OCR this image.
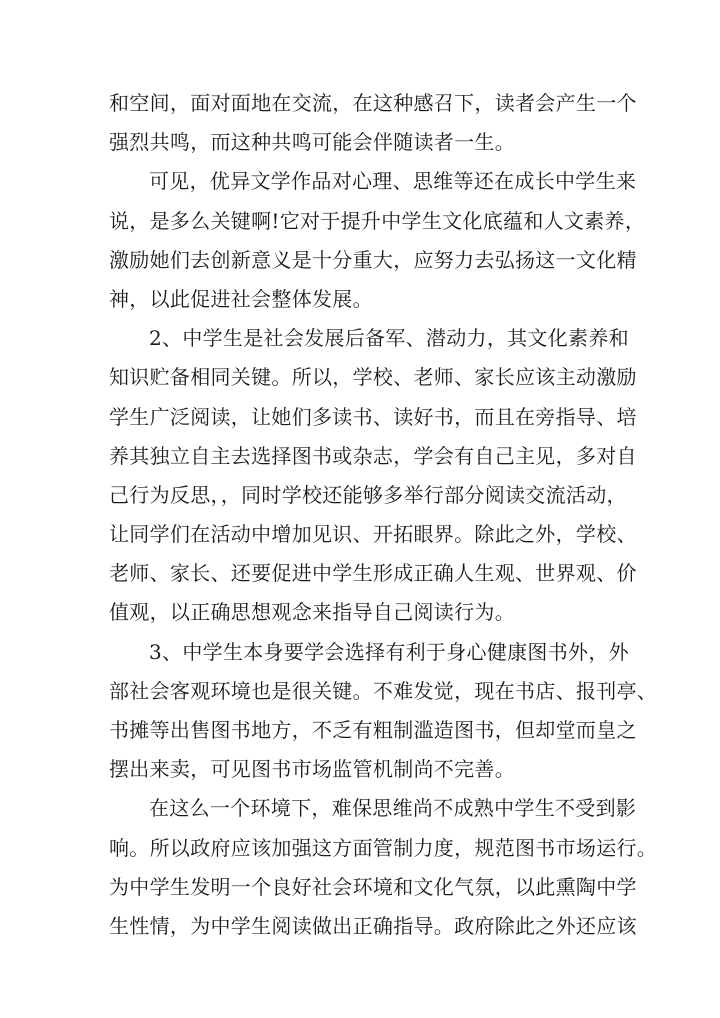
和空间，面对面地在交流，在这种感召下，读者会产生一个
强烈共鸣，而这种共鸣可能会伴随读者一生。
可见，优异文学作品对心理、思维等还在成长中学生来
说，是多么关键啊!它对于提升中学生文化底蕴和人文素养，
激励她们去创新意义是十分重大，应努力去弘扬这一文化精
神，以此促进社会整体发展。
2、中学生是社会发展后备军、潜动力，其文化素养和
知识贮备相同关键。所以，学校、老师、家长应该主动激励
学生广泛阅读，让她们多读书、读好书，而且在旁指导、培
养其独立自主去选择图书或杂志，学会有自己主见，多对自
己行为反思，，同时学校还能够多举行部分阅读交流活动，
让同学们在活动中增加见识、开拓眼界。除此之外，学校、
老师、家长、还要促进中学生形成正确人生观、世界观、价
值观，以正确思想观念来指导自己阅读行为。
3、中学生本身要学会选择有利于身心健康图书外，外
部社会客观环境也是很关键。不难发觉，现在书店、报刊亭、
书摊等出售图书地方，不乏有粗制滥造图书，但却堂而皇之
摆出来卖，可见图书市场监管机制尚不完善。
在这么一个环境下，难保思维尚不成熟中学生不受到影
响。所以政府应该加强这方面管制力度，规范图书市场运行。
为中学生发明一个良好社会环境和文化气氛，以此熏陶中学
生性情，为中学生阅读做出正确指导。政府除此之外还应该
